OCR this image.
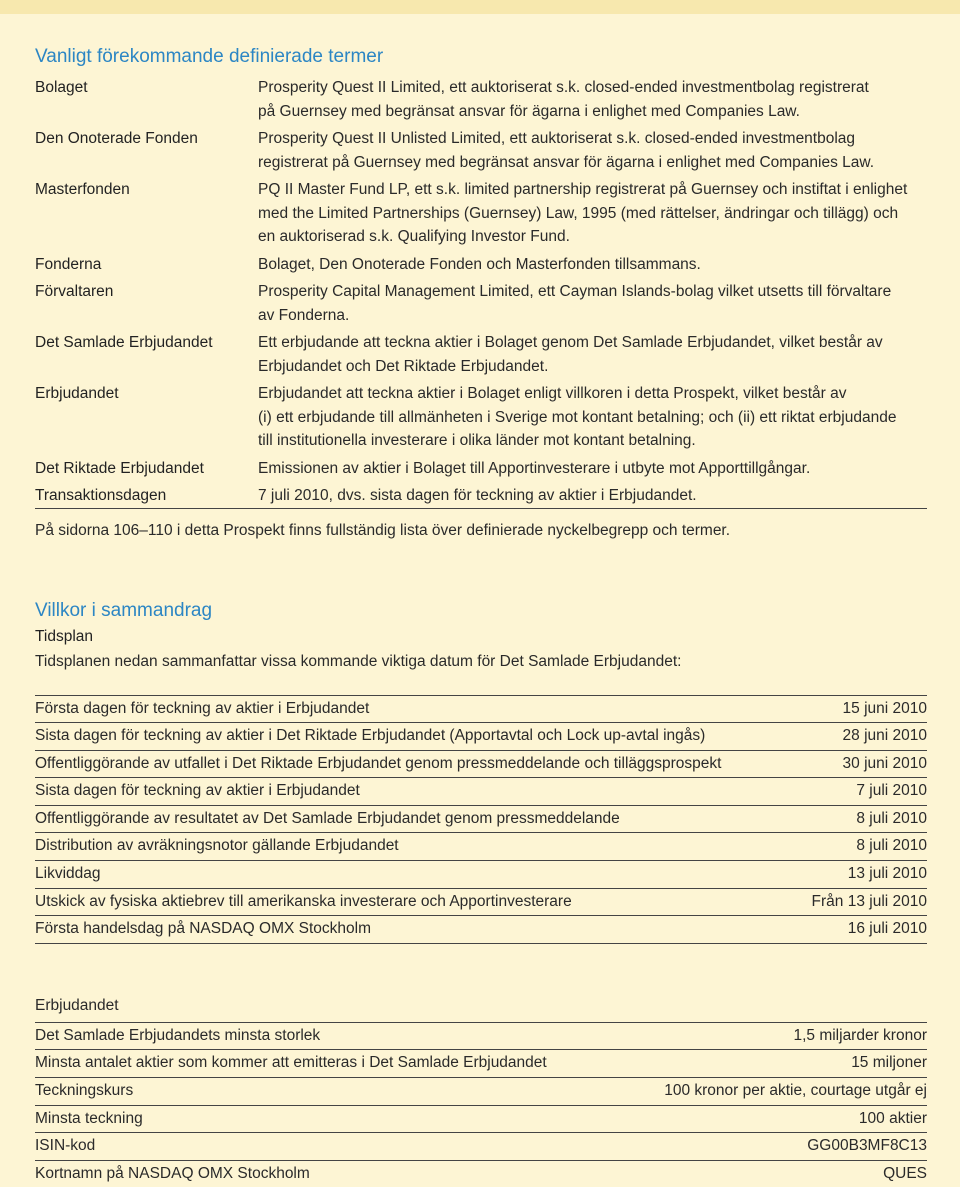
Vanligt förekommande definierade termer
Bolaget	Prosperity Quest II Limited, ett auktoriserat s.k. closed-ended investmentbolag registrerat
på Guernsey med begränsat ansvar för ägarna i enlighet med Companies Law.
Den Onoterade Fonden	Prosperity Quest II Unlisted Limited, ett auktoriserat s.k. closed-ended investmentbolag
registrerat på Guernsey med begränsat ansvar för ägarna i enlighet med Companies Law.
Masterfonden	PQ II Master Fund LP, ett s.k. limited partnership registrerat på Guernsey och instiftat i enlighet
med the Limited Partnerships (Guernsey) Law, 1995 (med rättelser, ändringar och tillägg) och
en auktoriserad s.k. Qualifying Investor Fund.
Fonderna	Bolaget, Den Onoterade Fonden och Masterfonden tillsammans.
Förvaltaren	Prosperity Capital Management Limited, ett Cayman Islands-bolag vilket utsetts till förvaltare
av Fonderna.
Det Samlade Erbjudandet	Ett erbjudande att teckna aktier i Bolaget genom Det Samlade Erbjudandet, vilket består av
Erbjudandet och Det Riktade Erbjudandet.
Erbjudandet	Erbjudandet att teckna aktier i Bolaget enligt villkoren i detta Prospekt, vilket består av
(i) ett erbjudande till allmänheten i Sverige mot kontant betalning; och (ii) ett riktat erbjudande
till institutionella investerare i olika länder mot kontant betalning.
Det Riktade Erbjudandet	Emissionen av aktier i Bolaget till Apportinvesterare i utbyte mot Apporttillgångar.
Transaktionsdagen	7 juli 2010, dvs. sista dagen för teckning av aktier i Erbjudandet.
På sidorna 106–110 i detta Prospekt finns fullständig lista över definierade nyckelbegrepp och termer.
Villkor i sammandrag
Tidsplan
Tidsplanen nedan sammanfattar vissa kommande viktiga datum för Det Samlade Erbjudandet:
Första dagen för teckning av aktier i Erbjudandet	15 juni 2010
Sista dagen för teckning av aktier i Det Riktade Erbjudandet (Apportavtal och Lock up-avtal ingås)	28 juni 2010
Offentliggörande av utfallet i Det Riktade Erbjudandet genom pressmeddelande och tilläggsprospekt	30 juni 2010
Sista dagen för teckning av aktier i Erbjudandet	7 juli 2010
Offentliggörande av resultatet av Det Samlade Erbjudandet genom pressmeddelande	8 juli 2010
Distribution av avräkningsnotor gällande Erbjudandet	8 juli 2010
Likviddag	13 juli 2010
Utskick av fysiska aktiebrev till amerikanska investerare och Apportinvesterare	Från 13 juli 2010
Första handelsdag på NASDAQ OMX Stockholm	16 juli 2010
Erbjudandet
Det Samlade Erbjudandets minsta storlek	1,5 miljarder kronor
Minsta antalet aktier som kommer att emitteras i Det Samlade Erbjudandet	15 miljoner
Teckningskurs	100 kronor per aktie, courtage utgår ej
Minsta teckning	100 aktier
ISIN-kod	GG00B3MF8C13
Kortnamn på NASDAQ OMX Stockholm	QUES
